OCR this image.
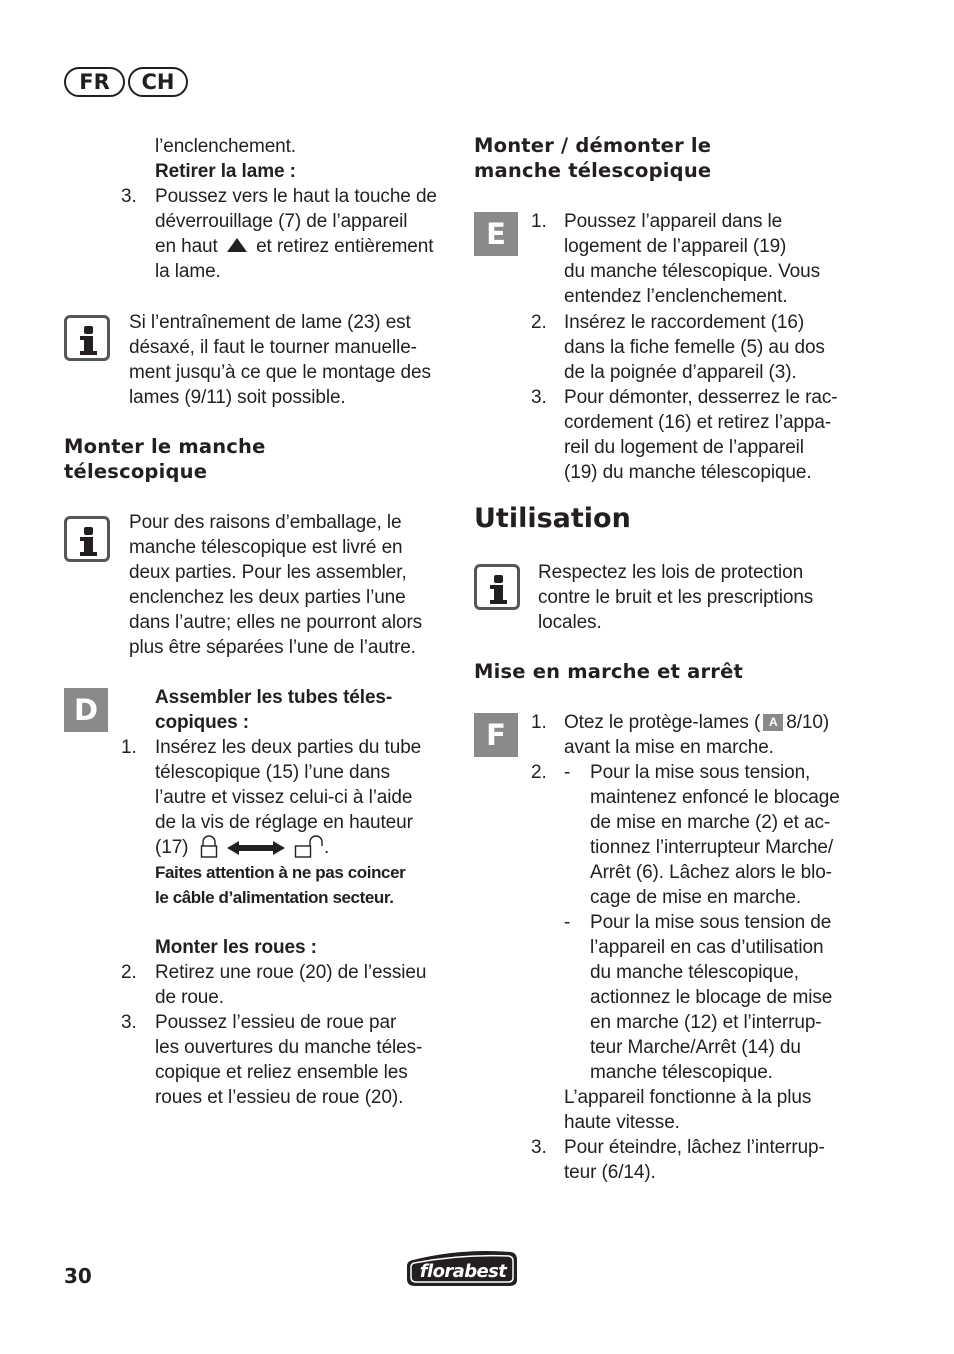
FR	CH
l’enclenchement.
Retirer la lame :
3. Poussez vers le haut la touche de
déverrouillage (7) de l’appareil
en haut et retirez entièrement
la lame.
Si l’entraînement de lame (23) est
désaxé, il faut le tourner manuelle-
ment jusqu’à ce que le montage des
lames (9/11) soit possible.
Monter le manche
télescopique
Pour des raisons d’emballage, le
manche télescopique est livré en
deux parties. Pour les assembler,
enclenchez les deux parties l’une
dans l’autre; elles ne pourront alors
plus être séparées l’une de l’autre.
D	Assembler les tubes téles-
copiques :
1. Insérez les deux parties du tube
télescopique (15) l’une dans
l’autre et vissez celui-ci à l’aide
de la vis de réglage en hauteur
(17)	.
Faites attention à ne pas coincer
le câble d’alimentation secteur.
Monter les roues :
2. Retirez une roue (20) de l’essieu
de roue.
3. Poussez l’essieu de roue par
les ouvertures du manche téles-
copique et reliez ensemble les
roues et l’essieu de roue (20).
Monter / démonter le
manche télescopique
E	1. Poussez l’appareil dans le
logement de l’appareil (19)
du manche télescopique. Vous
entendez l’enclenchement.
2. Insérez le raccordement (16)
dans la fiche femelle (5) au dos
de la poignée d’appareil (3).
3. Pour démonter, desserrez le rac-
cordement (16) et retirez l’appa-
reil du logement de l’appareil
(19) du manche télescopique.
Utilisation
Respectez les lois de protection
contre le bruit et les prescriptions
locales.
Mise en marche et arrêt
F	1. Otez le protège-lames ( A 8/10)
avant la mise en marche.
2. - Pour la mise sous tension,
maintenez enfoncé le blocage
de mise en marche (2) et ac-
tionnez l’interrupteur Marche/
Arrêt (6). Lâchez alors le blo-
cage de mise en marche.
- Pour la mise sous tension de
l’appareil en cas d’utilisation
du manche télescopique,
actionnez le blocage de mise
en marche (12) et l’interrup-
teur Marche/Arrêt (14) du
manche télescopique.
L’appareil fonctionne à la plus
haute vitesse.
3. Pour éteindre, lâchez l’interrup-
teur (6/14).
30	florabest
